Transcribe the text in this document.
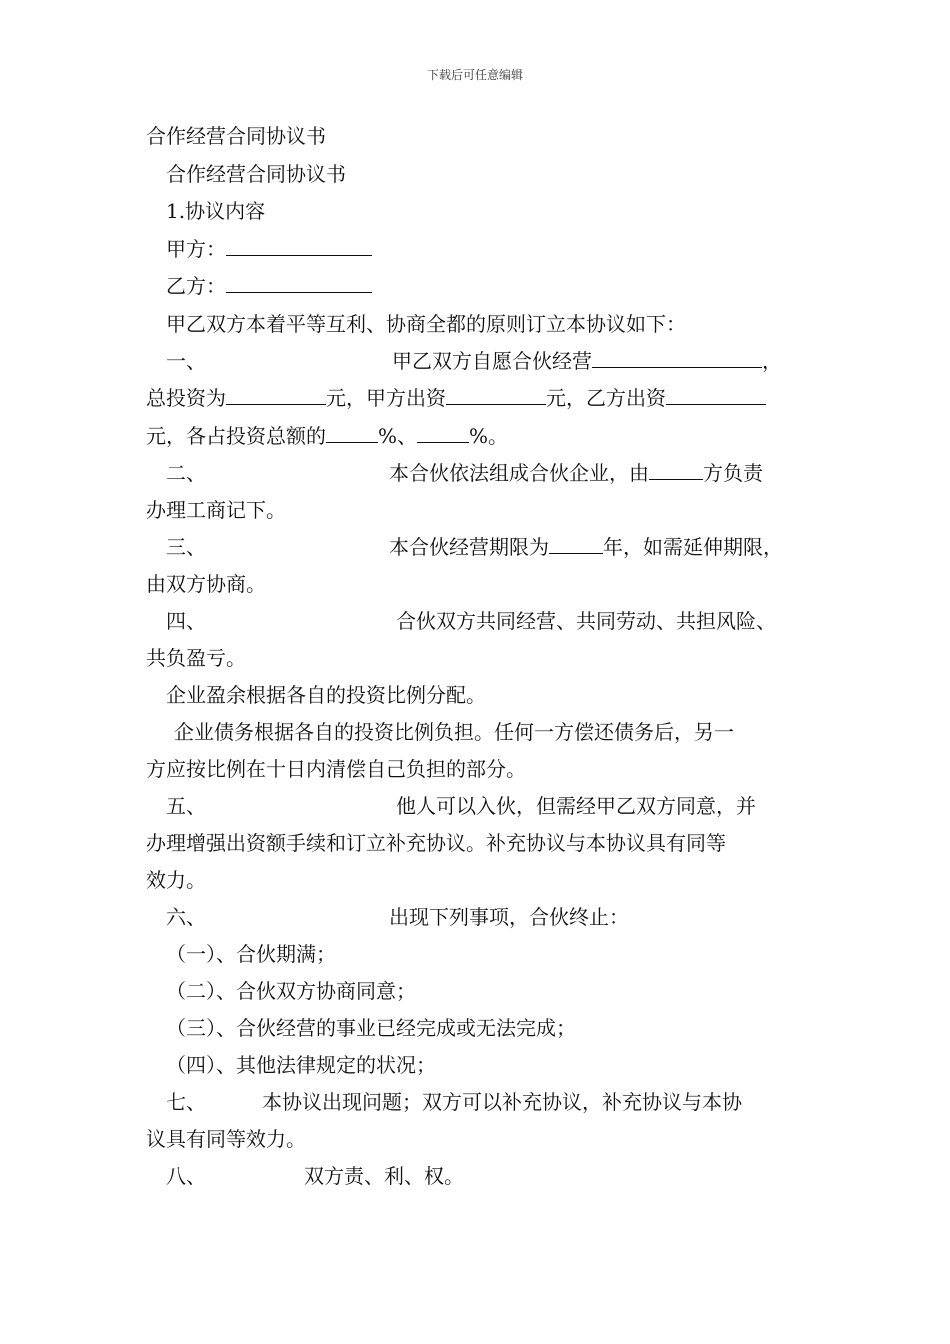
下载后可任意编辑
合作经营合同协议书
合作经营合同协议书
1.协议内容
甲方：
乙方：
甲乙双方本着平等互利、协商全都的原则订立本协议如下：
一、	甲乙双方自愿合伙经营	，
总投资为	元，甲方出资	元，乙方出资
元，各占投资总额的	%、	%。
二、	本合伙依法组成合伙企业，由	方负责
办理工商记下。
三、	本合伙经营期限为	年，如需延伸期限，
由双方协商。
四、	合伙双方共同经营、共同劳动、共担风险、
共负盈亏。
企业盈余根据各自的投资比例分配。
企业债务根据各自的投资比例负担。任何一方偿还债务后，另一
方应按比例在十日内清偿自己负担的部分。
五、	他人可以入伙，但需经甲乙双方同意，并
办理增强出资额手续和订立补充协议。补充协议与本协议具有同等
效力。
六、	出现下列事项，合伙终止：
（一）、合伙期满；
（二）、合伙双方协商同意；
（三）、合伙经营的事业已经完成或无法完成；
（四）、其他法律规定的状况；
七、	本协议出现问题；双方可以补充协议，补充协议与本协
议具有同等效力。
八、	双方责、利、权。
